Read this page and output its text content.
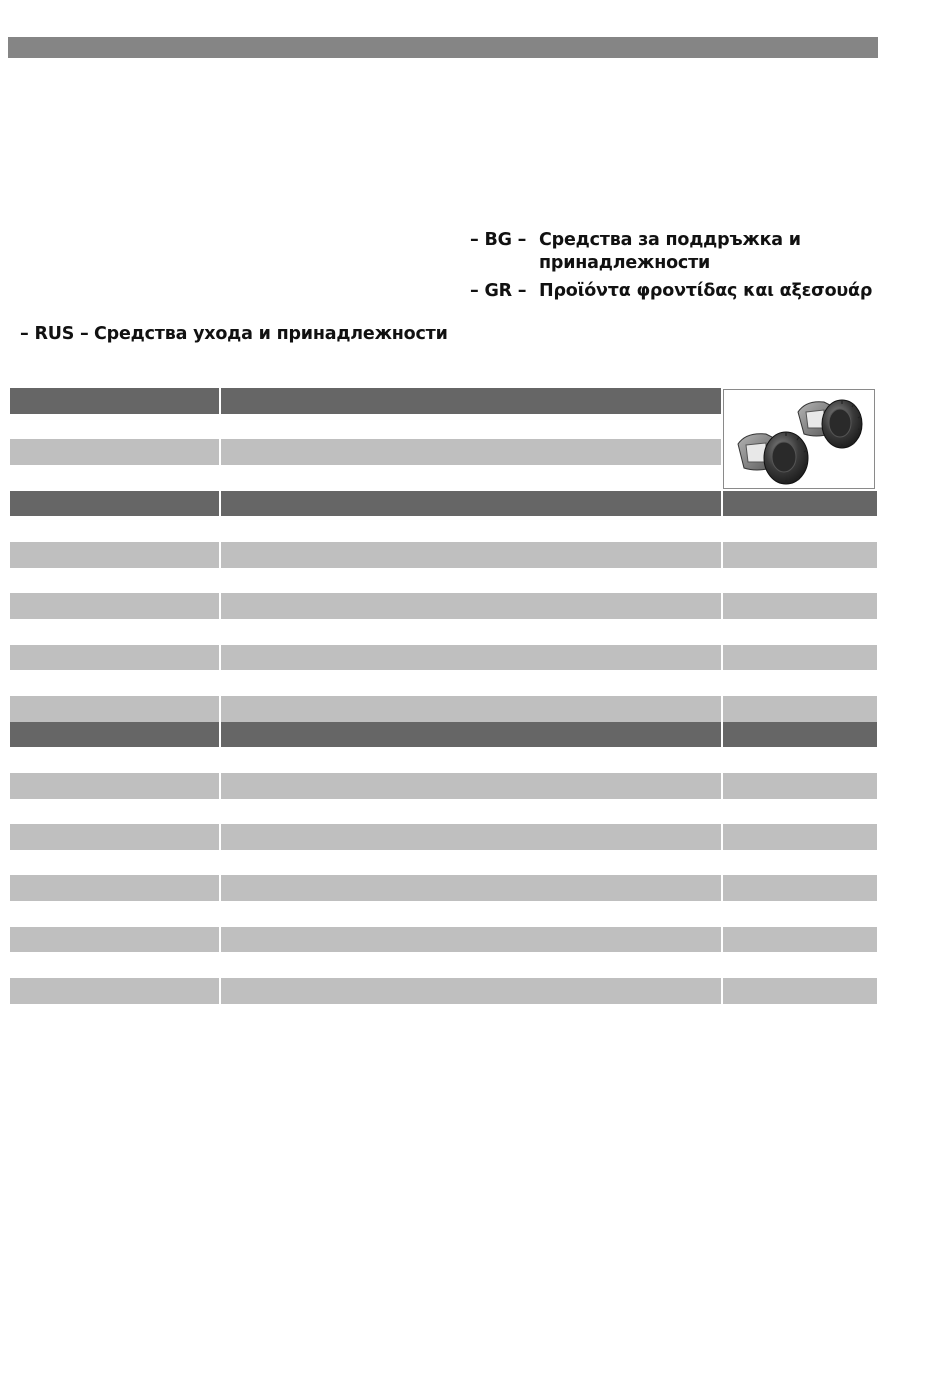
– BG – Средства за поддръжка и
принадлежности
– GR – Προϊόντα φροντίδας και αξεσουάρ
– RUS – Средства ухода и принадлежности
